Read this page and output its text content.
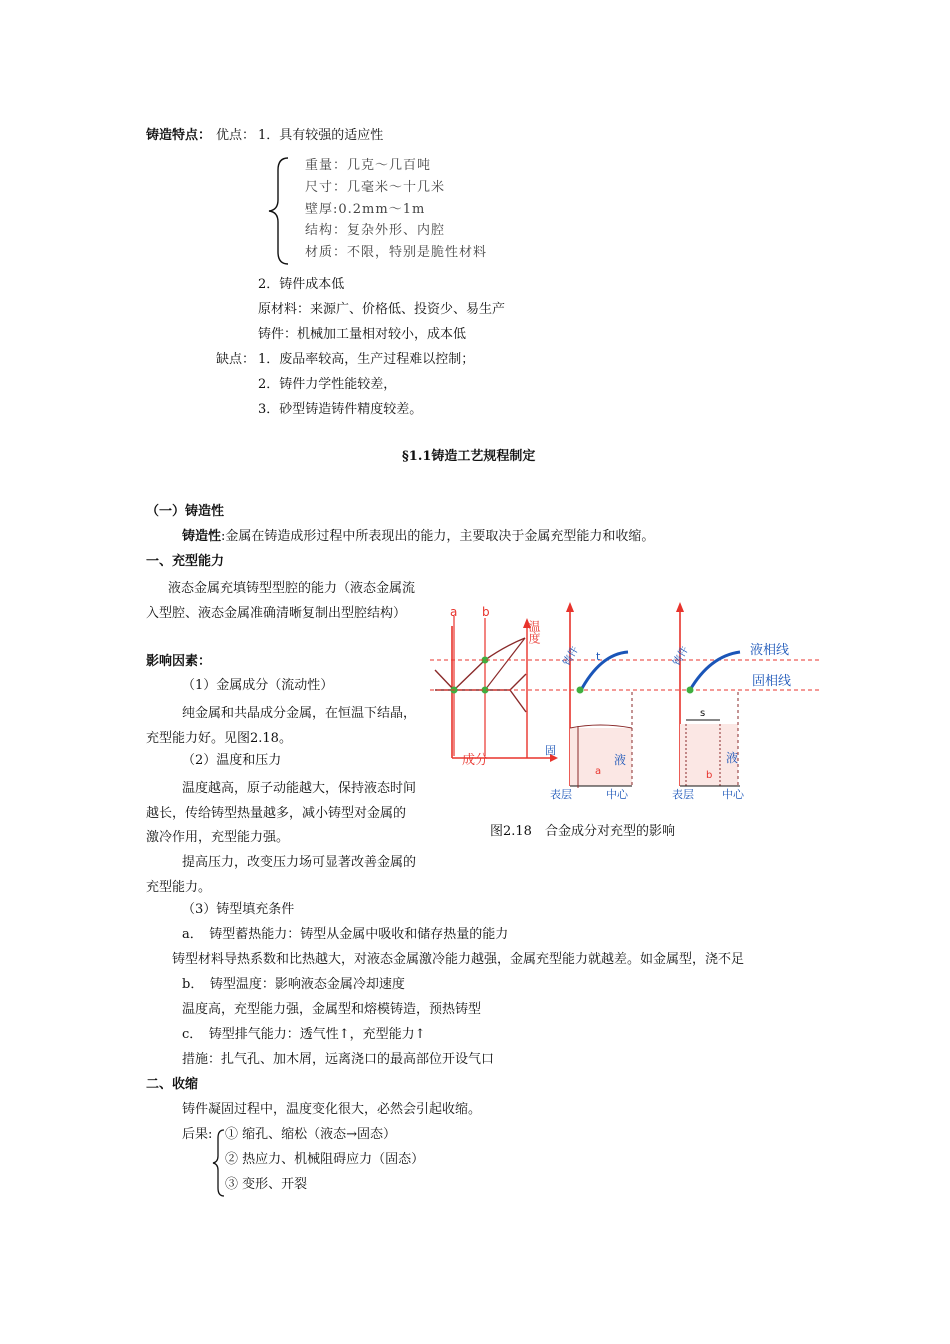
铸造特点： 优点： 1．具有较强的适应性
重量：几克～几百吨
尺寸：几毫米～十几米
壁厚:0.2mm～1m
结构：复杂外形、内腔
材质：不限，特别是脆性材料
2．铸件成本低
原材料：来源广、价格低、投资少、易生产
铸件：机械加工量相对较小，成本低
缺点： 1．废品率较高，生产过程难以控制；
2．铸件力学性能较差，
3．砂型铸造铸件精度较差。
§1.1铸造工艺规程制定
（一）铸造性
铸造性:金属在铸造成形过程中所表现出的能力，主要取决于金属充型能力和收缩。
一、充型能力
液态金属充填铸型型腔的能力（液态金属流入型腔、液态金属准确清晰复制出型腔结构）
影响因素：
（1）金属成分（流动性）
纯金属和共晶成分金属，在恒温下结晶，充型能力好。见图2.18。
（2）温度和压力
温度越高，原子动能越大，保持液态时间越长，传给铸型热量越多，减小铸型对金属的激冷作用，充型能力强。
提高压力，改变压力场可显著改善金属的充型能力。
（3）铸型填充条件
a b
成分
温度
铸件 t
固
液
a
表层	中心
铸件
s
液
b
表层	中心
液相线
固相线
图2.18　合金成分对充型的影响
a．　铸型蓄热能力：铸型从金属中吸收和储存热量的能力
铸型材料导热系数和比热越大，对液态金属激冷能力越强，金属充型能力就越差。如金属型，浇不足
b．　铸型温度：影响液态金属冷却速度
温度高，充型能力强，金属型和熔模铸造，预热铸型
c．　铸型排气能力：透气性↑，充型能力↑
措施：扎气孔、加木屑，远离浇口的最高部位开设气口
二、收缩
铸件凝固过程中，温度变化很大，必然会引起收缩。
后果: ① 缩孔、缩松（液态→固态）
② 热应力、机械阻碍应力（固态）
③ 变形、开裂
